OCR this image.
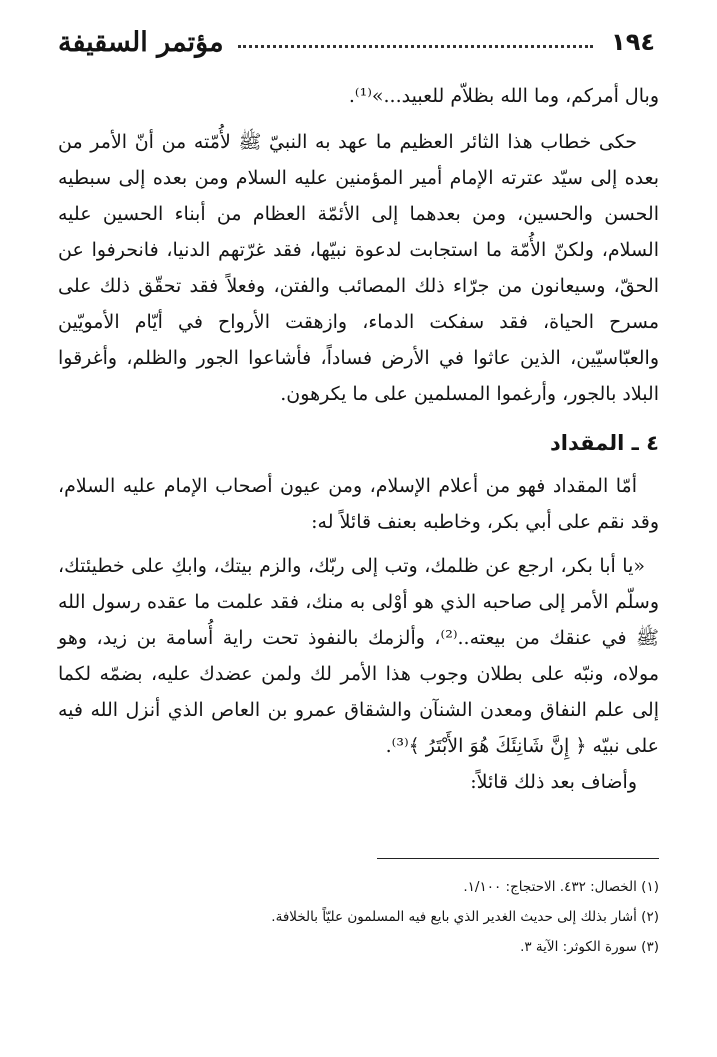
١٩٤
مؤتمر السقيفة

وبال أمركم، وما الله بظلاّم للعبيد...»⁽¹⁾.

حكى خطاب هذا الثائر العظيم ما عهد به النبيّ ﷺ لأُمّته من أنّ الأمر من بعده إلى سيّد عترته الإمام أمير المؤمنين عليه السلام ومن بعده إلى سبطيه الحسن والحسين، ومن بعدهما إلى الأئمّة العظام من أبناء الحسين عليه السلام، ولكنّ الأُمّة ما استجابت لدعوة نبيّها، فقد غرّتهم الدنيا، فانحرفوا عن الحقّ، وسيعانون من جرّاء ذلك المصائب والفتن، وفعلاً فقد تحقّق ذلك على مسرح الحياة، فقد سفكت الدماء، وازهقت الأرواح في أيّام الأمويّين والعبّاسيّين، الذين عاثوا في الأرض فساداً، فأشاعوا الجور والظلم، وأغرقوا البلاد بالجور، وأرغموا المسلمين على ما يكرهون.

٤ ـ المقداد

أمّا المقداد فهو من أعلام الإسلام، ومن عيون أصحاب الإمام عليه السلام، وقد نقم على أبي بكر، وخاطبه بعنف قائلاً له:

«يا أبا بكر، ارجع عن ظلمك، وتب إلى ربّك، والزم بيتك، وابكِ على خطيئتك، وسلّم الأمر إلى صاحبه الذي هو أوْلى به منك، فقد علمت ما عقده رسول الله ﷺ في عنقك من بيعته..⁽²⁾، وألزمك بالنفوذ تحت راية أُسامة بن زيد، وهو مولاه، ونبّه على بطلان وجوب هذا الأمر لك ولمن عضدك عليه، بضمّه لكما إلى علم النفاق ومعدن الشنآن والشقاق عمرو بن العاص الذي أنزل الله فيه على نبيّه ﴿ إِنَّ شَانِئَكَ هُوَ الأَبْتَرُ ﴾⁽³⁾.

وأضاف بعد ذلك قائلاً:

(١) الخصال: ٤٣٢. الاحتجاج: ١/١٠٠.

(٢) أشار بذلك إلى حديث الغدير الذي بايع فيه المسلمون عليّاً بالخلافة.

(٣) سورة الكوثر: الآية ٣.
